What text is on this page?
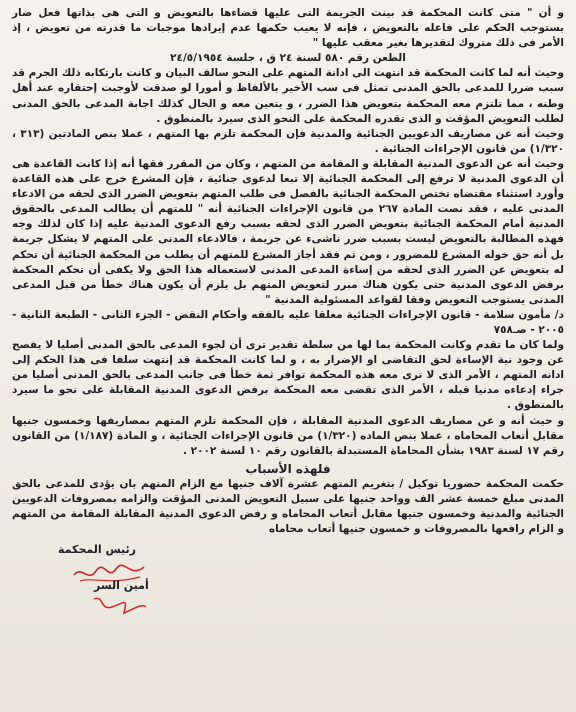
و أن " متى كانت المحكمة قد بينت الجريمة التى عليها قضاءها بالتعويض و التى هى بذاتها فعل ضار بستوجب الحكم على فاعله بالتعويض ، فإنه لا يعيب حكمها عدم إيرادها موجبات ما قدرته من تعويض ، إذ الأمر فى ذلك متروك لتقديرها بغير معقب عليها "

الطعن رقم ٥٨٠ لسنة ٢٤ ق ، جلسة ٢٤/٥/١٩٥٤

وحيث أنه لما كانت المحكمة قد انتهت الى ادانة المتهم على النحو سالف البيان و كانت بارتكابه ذلك الجرم قد سبب ضررا للمدعى بالحق المدنى تمثل فى سب الأخير بالألفاظ و أمورا لو صدقت لأوجبت إحتقاره عند أهل وطنه ، مما تلتزم معه المحكمة بتعويض هذا الضرر ، و يتعين معه و الحال كذلك اجابة المدعى بالحق المدنى لطلب التعويض المؤقت و الذى تقدره المحكمة على النحو الذى سيرد بالمنطوق .

وحيث أنه عن مصاريف الدعويين الجنائية والمدنية فإن المحكمة تلزم بها المتهم ، عملا بنص المادتين (٣١٣ ، ١/٣٢٠) من قانون الإجراءات الجنائية .

وحيث أنه عن الدعوى المدنية المقابلة و المقامة من المتهم ، وكان من المقرر فقها أنه إذا كانت القاعدة هى أن الدعوى المدنية لا ترفع إلى المحكمة الجنائية إلا تبعا لدعوى جنائية ، فإن المشرع خرج على هذه القاعدة وأورد استثناء مقتضاه تختص المحكمة الجنائية بالفصل فى طلب المتهم بتعويض الضرر الذى لحقه من الادعاء المدنى عليه ، فقد نصت المادة ٢٦٧ من قانون الإجراءات الجنائية أنه " للمتهم أن يطالب المدعى بالحقوق المدنية أمام المحكمة الجنائية بتعويض الضرر الذى لحقه بسبب رفع الدعوى المدنية عليه إذا كان لذلك وجه فهذه المطالبة بالتعويض ليست بسبب ضرر ناشىء عن جريمة ، فالادعاء المدنى على المتهم لا يشكل جريمة بل أنه حق خوله المشرع للمضرور ، ومن ثم فقد أجاز المشرع للمتهم أن يطلب من المحكمة الجنائية أن تحكم له بتعويض عن الضرر الذى لحقه من إساءة المدعى المدنى لاستعماله هذا الحق ولا يكفى أن تحكم المحكمة برفض الدعوى المدنية حتى يكون هناك مبرر لتعويض المتهم بل يلزم أن يكون هناك خطأ من قبل المدعى المدنى يستوجب التعويض وفقا لقواعد المسئولية المدنية "

د/ مأمون سلامة - قانون الإجراءات الجنائية معلقا عليه بالفقه وأحكام النقض - الجزء الثانى - الطبعة الثانية - ٢٠٠٥ - صـ٧٥٨

ولما كان ما تقدم وكانت المحكمة بما لها من سلطة تقدير ترى أن لجوء المدعى بالحق المدنى أصليا لا يفصح عن وجود نية الإساءة لحق التقاضى او الإضرار به ، و لما كانت المحكمة قد إنتهت سلفا فى هذا الحكم إلى ادانه المتهم ، الأمر الذى لا ترى معه هذه المحكمة توافر ثمة خطأ فى جانب المدعى بالحق المدنى أصليا من جراء إدعاءه مدنيا قبله ، الأمر الذى تقضى معه المحكمة برفض الدعوى المدنية المقابلة على نحو ما سيرد بالمنطوق .

و حيث أنه و عن مصاريف الدعوى المدنية المقابلة ، فإن المحكمة تلزم المتهم بمصاريفها وخمسون جنيها مقابل أتعاب المحاماه ، عملا بنص الماده (١/٣٢٠) من قانون الإجراءات الجنائية ، و المادة (١/١٨٧) من القانون رقم ١٧ لسنة ١٩٨٣ بشأن المحاماة المستبدلة بالقانون رقم ١٠ لسنة ٢٠٠٢ .

فلهذه الأسباب

حكمت المحكمة حضوريا توكيل / بتغريم المتهم عشرة آلاف جنيها مع الزام المتهم بان يؤدى للمدعى بالحق المدنى مبلغ خمسة عشر الف وواحد جنيها على سبيل التعويض المدنى المؤقت والزامه بمصروفات الدعويين الجنائية والمدنية وخمسون جنيها مقابل أتعاب المحاماه و رفض الدعوى المدنية المقابلة المقامة من المتهم و الزام رافعها بالمصروفات و خمسون جنيها أتعاب محاماه

رئيس المحكمة
أمين السر
